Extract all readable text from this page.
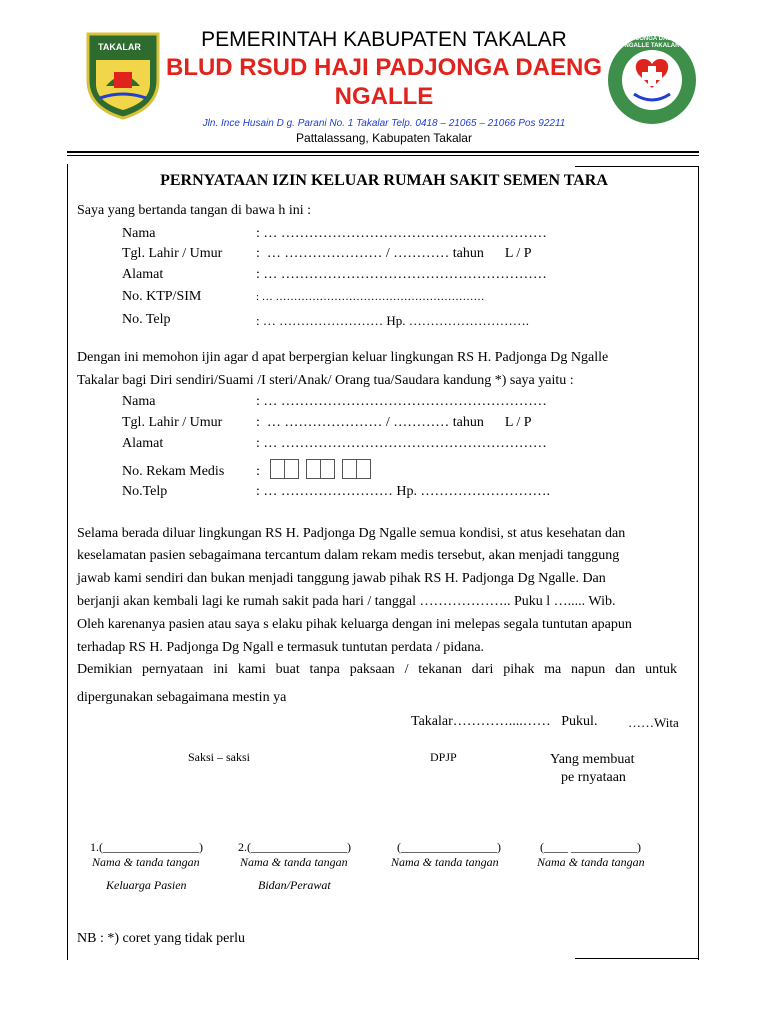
TAKALAR
PADJONGA DAENG NGALLE TAKALAR
PEMERINTAH KABUPATEN TAKALAR
BLUD RSUD HAJI PADJONGA DAENG
NGALLE
Jln. Ince Husain D g. Parani No. 1 Takalar Telp. 0418 – 21065 – 21066 Pos 92211
Pattalassang, Kabupaten Takalar
PERNYATAAN IZIN KELUAR RUMAH SAKIT SEMEN TARA
Saya yang bertanda tangan di bawa h ini :
Nama	: … …………………………………………………
Tgl. Lahir / Umur :  … ………………… / ………… tahun      L / P
Alamat	: … …………………………………………………
No. KTP/SIM	: … …………………………………………………
No. Telp	: … …………………… Hp. ……………………….
Dengan ini memohon ijin agar d apat berpergian keluar lingkungan RS H. Padjonga Dg Ngalle
Takalar bagi Diri sendiri/Suami /I steri/Anak/ Orang tua/Saudara kandung *) saya yaitu :
Nama	: … …………………………………………………
Tgl. Lahir / Umur :  … ………………… / ………… tahun      L / P
Alamat	: … …………………………………………………
No. Rekam Medis :
No.Telp	: … …………………… Hp. ……………………….
Selama berada diluar lingkungan RS H. Padjonga Dg Ngalle semua kondisi, st atus kesehatan dan
keselamatan pasien sebagaimana tercantum dalam rekam medis tersebut, akan menjadi tanggung
jawab kami sendiri dan bukan menjadi tanggung jawab pihak RS H. Padjonga Dg Ngalle. Dan
berjanji akan kembali lagi ke rumah sakit pada hari / tanggal ……………….. Puku l …..... Wib.
Oleh karenanya pasien atau saya s elaku pihak keluarga dengan ini melepas segala tuntutan apapun
terhadap RS H. Padjonga Dg Ngall e termasuk tuntutan perdata / pidana.
Demikian pernyataan ini kami buat tanpa paksaan / tekanan dari pihak ma napun dan untuk
dipergunakan sebagaimana mestin ya
Takalar…………....……   Pukul. ……Wita
Saksi – saksi	DPJP	Yang membuat
pe rnyataan
1.(________________)	2.(________________)	(________________)	(____ ___________)
Nama & tanda tangan	Nama & tanda tangan	Nama & tanda tangan	Nama & tanda tangan
Keluarga Pasien	Bidan/Perawat
NB : *) coret yang tidak perlu
